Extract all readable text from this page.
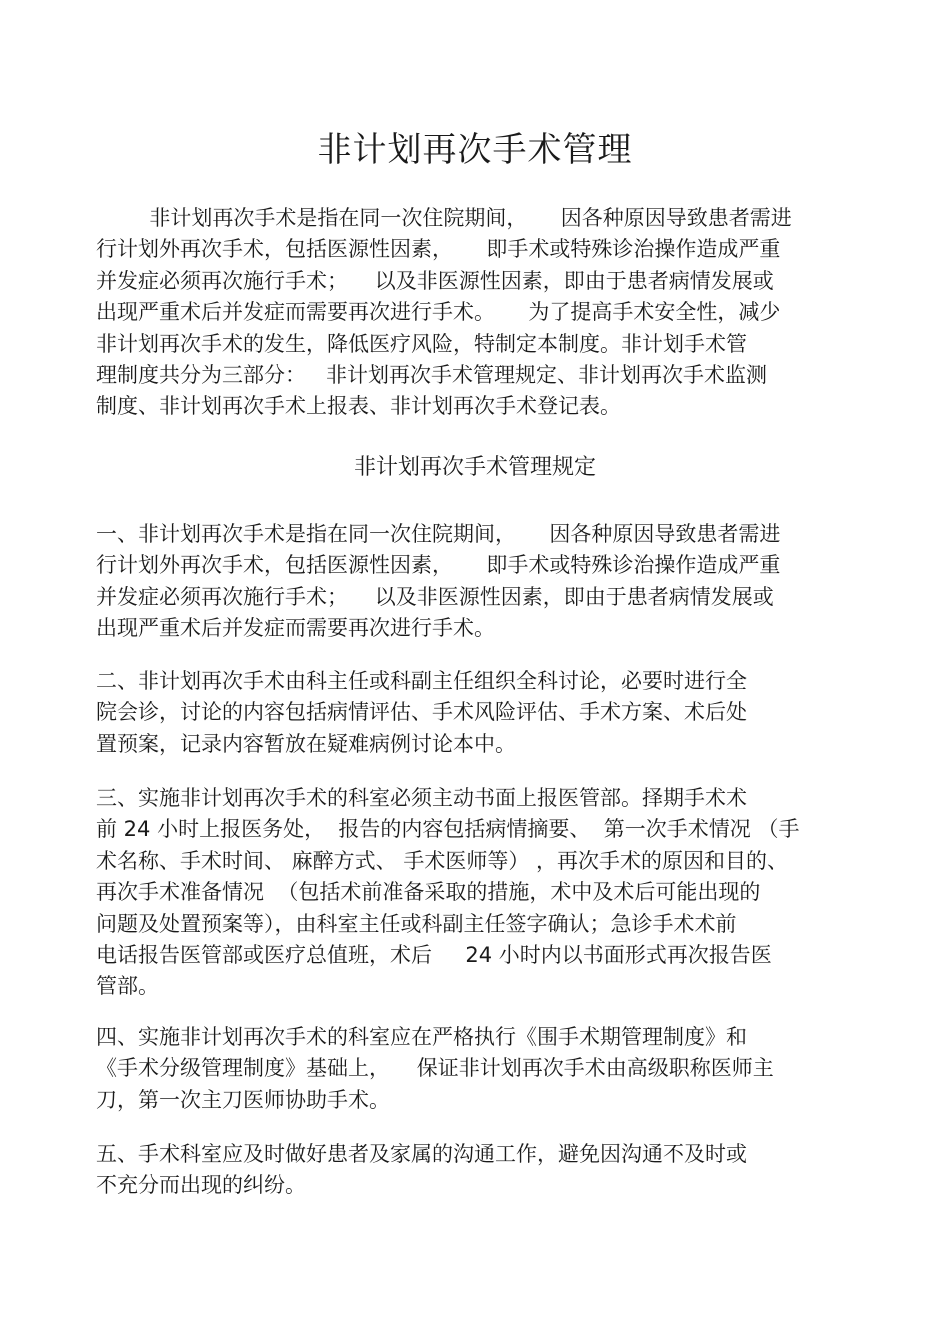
非计划再次手术管理
非计划再次手术是指在同一次住院期间，     因各种原因导致患者需进
行计划外再次手术，包括医源性因素，     即手术或特殊诊治操作造成严重
并发症必须再次施行手术；    以及非医源性因素，即由于患者病情发展或
出现严重术后并发症而需要再次进行手术。     为了提高手术安全性，减少
非计划再次手术的发生，降低医疗风险，特制定本制度。非计划手术管
理制度共分为三部分：   非计划再次手术管理规定、非计划再次手术监测
制度、非计划再次手术上报表、非计划再次手术登记表。
非计划再次手术管理规定
一、非计划再次手术是指在同一次住院期间，     因各种原因导致患者需进
行计划外再次手术，包括医源性因素，     即手术或特殊诊治操作造成严重
并发症必须再次施行手术；    以及非医源性因素，即由于患者病情发展或
出现严重术后并发症而需要再次进行手术。
二、非计划再次手术由科主任或科副主任组织全科讨论，必要时进行全
院会诊，讨论的内容包括病情评估、手术风险评估、手术方案、术后处
置预案，记录内容暂放在疑难病例讨论本中。
三、实施非计划再次手术的科室必须主动书面上报医管部。择期手术术
前 24 小时上报医务处，  报告的内容包括病情摘要、  第一次手术情况 （手
术名称、手术时间、 麻醉方式、 手术医师等） ，再次手术的原因和目的、
再次手术准备情况  （包括术前准备采取的措施，术中及术后可能出现的
问题及处置预案等），由科室主任或科副主任签字确认；急诊手术术前
电话报告医管部或医疗总值班，术后     24 小时内以书面形式再次报告医
管部。
四、实施非计划再次手术的科室应在严格执行《围手术期管理制度》和
《手术分级管理制度》基础上，    保证非计划再次手术由高级职称医师主
刀，第一次主刀医师协助手术。
五、手术科室应及时做好患者及家属的沟通工作，避免因沟通不及时或
不充分而出现的纠纷。
